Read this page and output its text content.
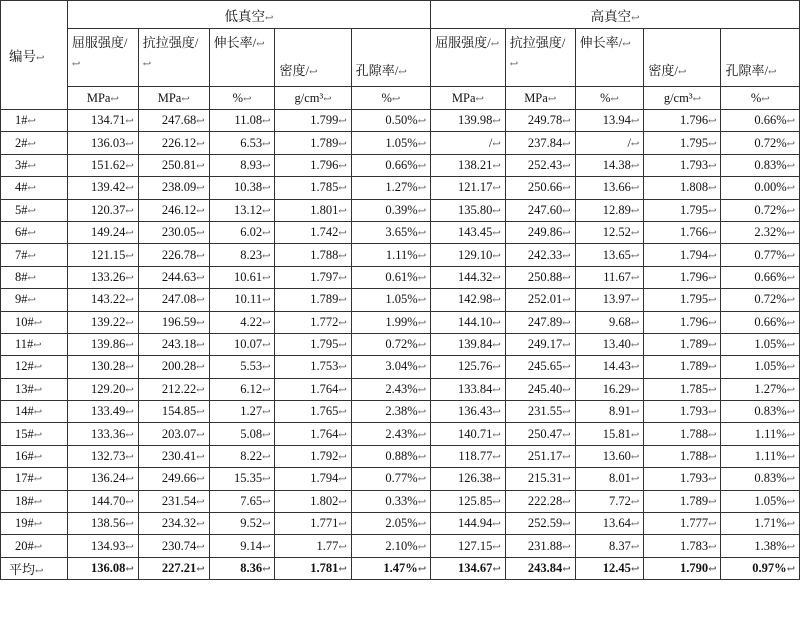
编号↩	低真空↩					高真空↩				
	屈服强度/↩	抗拉强度/↩	伸长率/↩	密度/↩	孔隙率/↩	屈服强度/↩	抗拉强度/↩	伸长率/↩	密度/↩	孔隙率/↩
	MPa↩	MPa↩	%↩	g/cm³↩	%↩	MPa↩	MPa↩	%↩	g/cm³↩	%↩
1#↩	134.71↩	247.68↩	11.08↩	1.799↩	0.50%↩	139.98↩	249.78↩	13.94↩	1.796↩	0.66%↩
2#↩	136.03↩	226.12↩	6.53↩	1.789↩	1.05%↩	/↩	237.84↩	/↩	1.795↩	0.72%↩
3#↩	151.62↩	250.81↩	8.93↩	1.796↩	0.66%↩	138.21↩	252.43↩	14.38↩	1.793↩	0.83%↩
4#↩	139.42↩	238.09↩	10.38↩	1.785↩	1.27%↩	121.17↩	250.66↩	13.66↩	1.808↩	0.00%↩
5#↩	120.37↩	246.12↩	13.12↩	1.801↩	0.39%↩	135.80↩	247.60↩	12.89↩	1.795↩	0.72%↩
6#↩	149.24↩	230.05↩	6.02↩	1.742↩	3.65%↩	143.45↩	249.86↩	12.52↩	1.766↩	2.32%↩
7#↩	121.15↩	226.78↩	8.23↩	1.788↩	1.11%↩	129.10↩	242.33↩	13.65↩	1.794↩	0.77%↩
8#↩	133.26↩	244.63↩	10.61↩	1.797↩	0.61%↩	144.32↩	250.88↩	11.67↩	1.796↩	0.66%↩
9#↩	143.22↩	247.08↩	10.11↩	1.789↩	1.05%↩	142.98↩	252.01↩	13.97↩	1.795↩	0.72%↩
10#↩	139.22↩	196.59↩	4.22↩	1.772↩	1.99%↩	144.10↩	247.89↩	9.68↩	1.796↩	0.66%↩
11#↩	139.86↩	243.18↩	10.07↩	1.795↩	0.72%↩	139.84↩	249.17↩	13.40↩	1.789↩	1.05%↩
12#↩	130.28↩	200.28↩	5.53↩	1.753↩	3.04%↩	125.76↩	245.65↩	14.43↩	1.789↩	1.05%↩
13#↩	129.20↩	212.22↩	6.12↩	1.764↩	2.43%↩	133.84↩	245.40↩	16.29↩	1.785↩	1.27%↩
14#↩	133.49↩	154.85↩	1.27↩	1.765↩	2.38%↩	136.43↩	231.55↩	8.91↩	1.793↩	0.83%↩
15#↩	133.36↩	203.07↩	5.08↩	1.764↩	2.43%↩	140.71↩	250.47↩	15.81↩	1.788↩	1.11%↩
16#↩	132.73↩	230.41↩	8.22↩	1.792↩	0.88%↩	118.77↩	251.17↩	13.60↩	1.788↩	1.11%↩
17#↩	136.24↩	249.66↩	15.35↩	1.794↩	0.77%↩	126.38↩	215.31↩	8.01↩	1.793↩	0.83%↩
18#↩	144.70↩	231.54↩	7.65↩	1.802↩	0.33%↩	125.85↩	222.28↩	7.72↩	1.789↩	1.05%↩
19#↩	138.56↩	234.32↩	9.52↩	1.771↩	2.05%↩	144.94↩	252.59↩	13.64↩	1.777↩	1.71%↩
20#↩	134.93↩	230.74↩	9.14↩	1.77↩	2.10%↩	127.15↩	231.88↩	8.37↩	1.783↩	1.38%↩
平均↩	136.08↩	227.21↩	8.36↩	1.781↩	1.47%↩	134.67↩	243.84↩	12.45↩	1.790↩	0.97%↩
